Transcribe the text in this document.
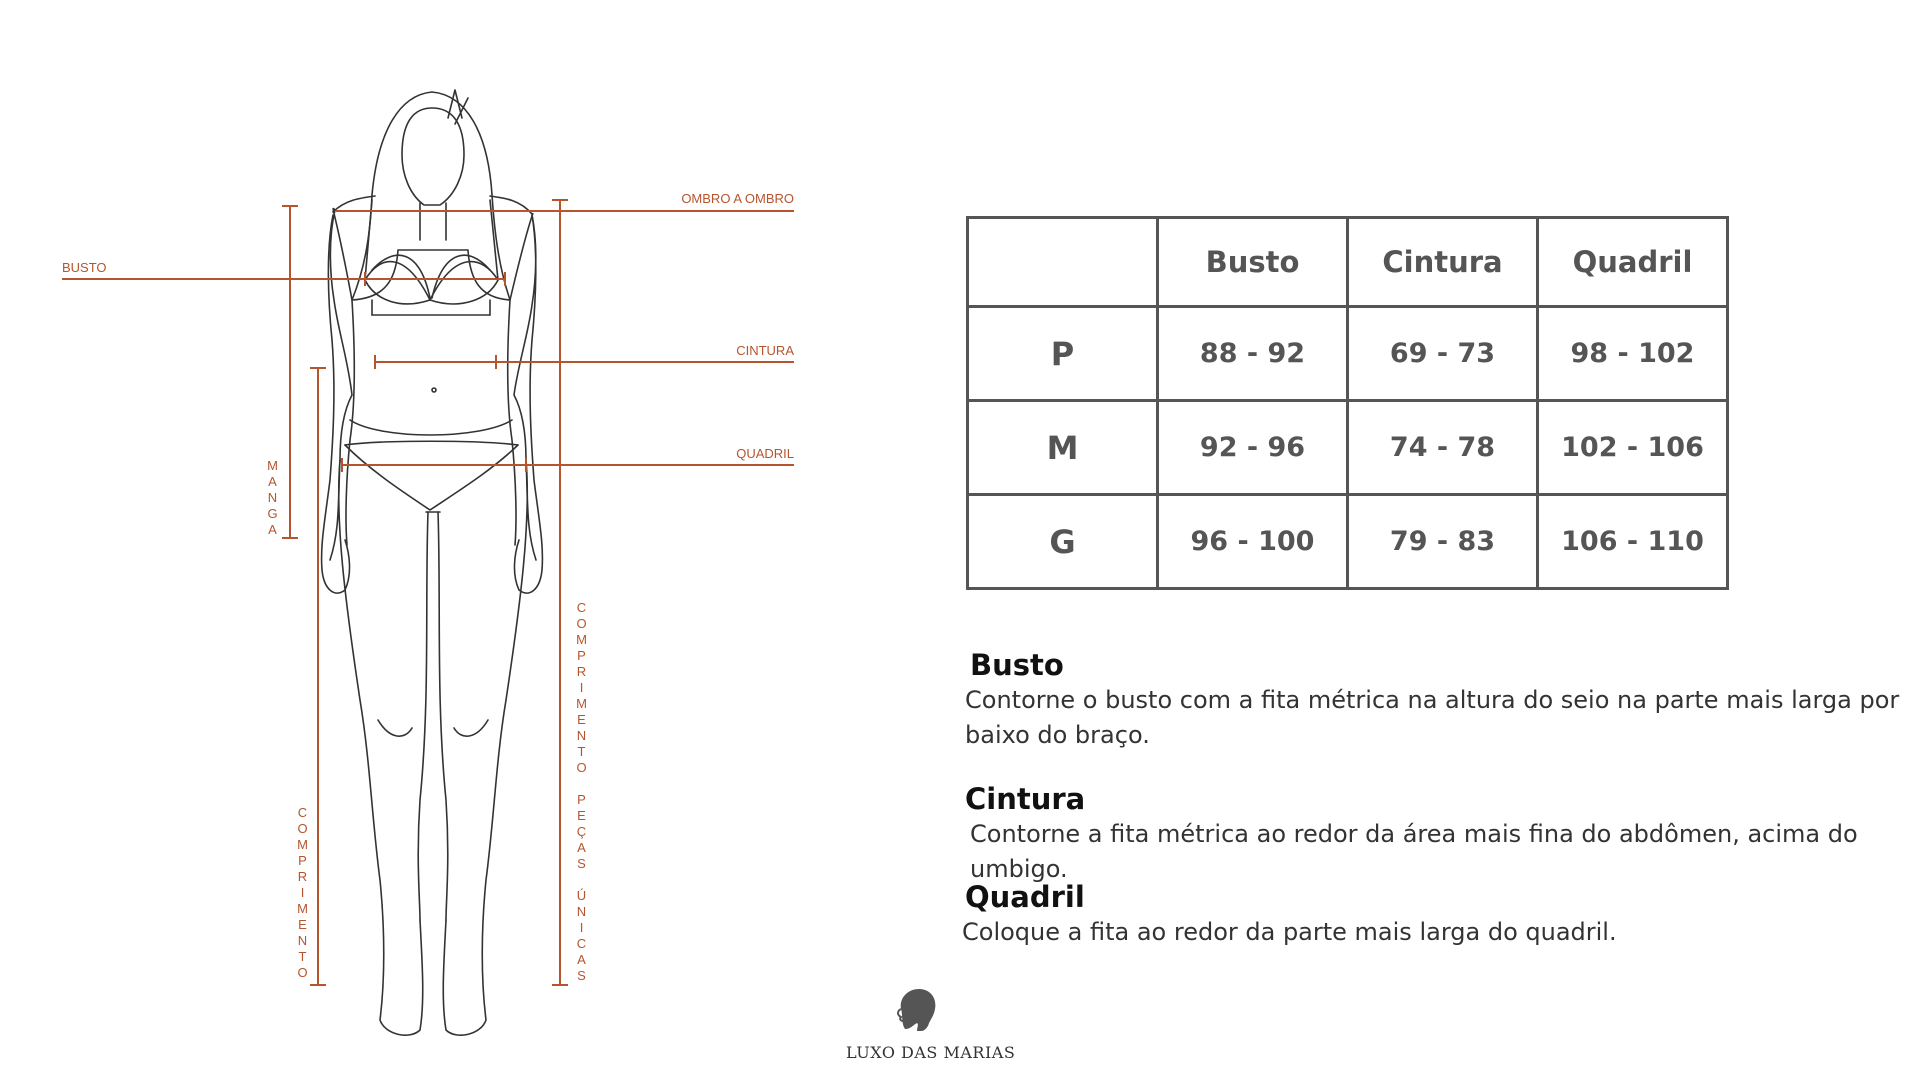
OMBRO A OMBRO
BUSTO
CINTURA
QUADRIL
MANGA
COMPRIMENTO	COMPRIMENTO PEÇAS ÚNICAS
	Busto	Cintura	Quadril
P	88 - 92	69 - 73	98 - 102
M	92 - 96	74 - 78	102 - 106
G	96 - 100	79 - 83	106 - 110
Busto

Contorne o busto com a fita métrica na altura do seio na parte mais larga por

baixo do braço.

Cintura

Contorne a fita métrica ao redor da área mais fina do abdômen, acima do umbigo.

Quadril

Coloque a fita ao redor da parte mais larga do quadril.

LUXO DAS MARIAS
